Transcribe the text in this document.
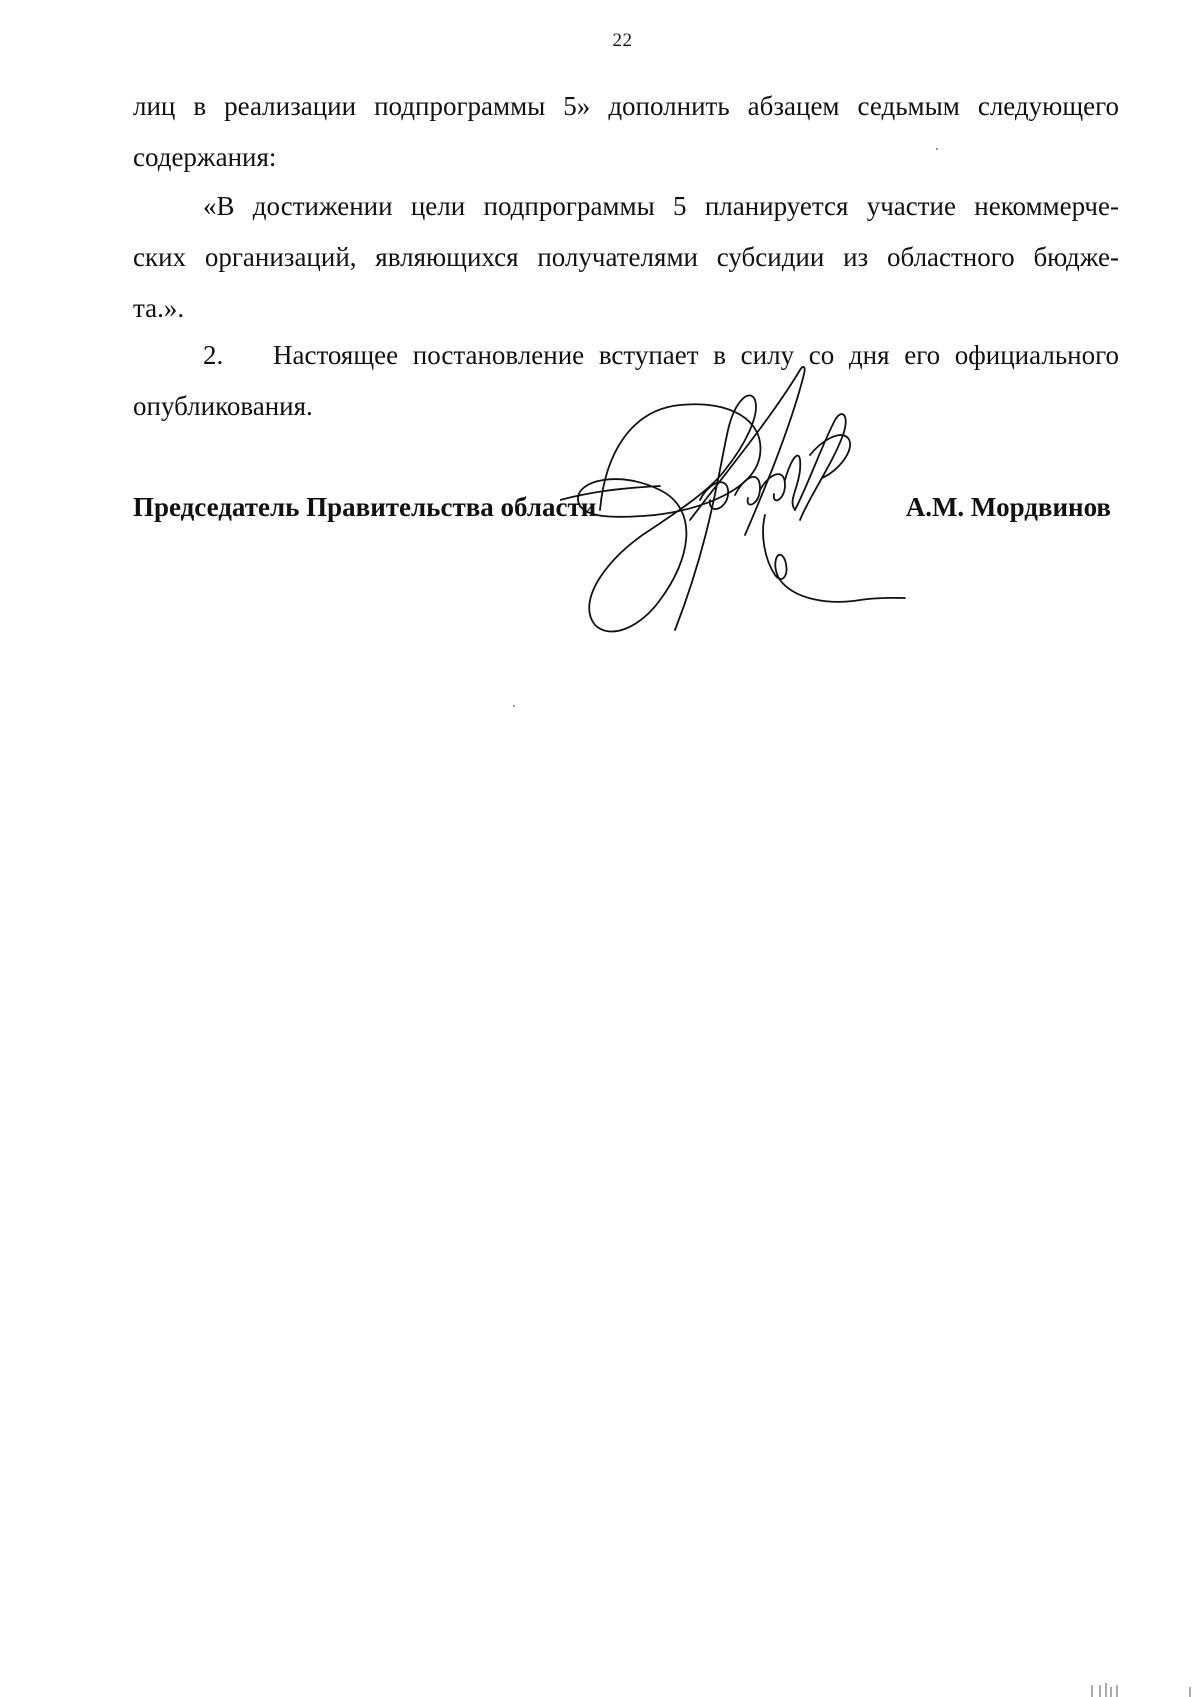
22
лиц в реализации подпрограммы 5» дополнить абзацем седьмым следующего
содержания:
«В достижении цели подпрограммы 5 планируется участие некоммерче-
ских организаций, являющихся получателями субсидии из областного бюдже-
та.».
2.	Настоящее постановление вступает в силу со дня его официального
опубликования.
Председатель Правительства области	А.М. Мордвинов
